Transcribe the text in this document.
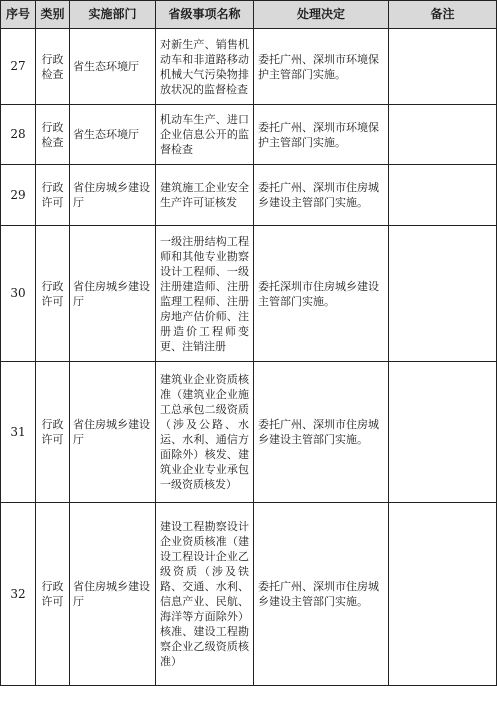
序号	类别	实施部门	省级事项名称	处理决定	备注
27	行政检查	省生态环境厅	对新生产、销售机动车和非道路移动机械大气污染物排放状况的监督检查	委托广州、深圳市环境保护主管部门实施。	
28	行政检查	省生态环境厅	机动车生产、进口企业信息公开的监督检查	委托广州、深圳市环境保护主管部门实施。	
29	行政许可	省住房城乡建设厅	建筑施工企业安全生产许可证核发	委托广州、深圳市住房城乡建设主管部门实施。	
30	行政许可	省住房城乡建设厅	一级注册结构工程师和其他专业勘察设计工程师、一级注册建造师、注册监理工程师、注册房地产估价师、注册造价工程师变更、注销注册	委托深圳市住房城乡建设主管部门实施。	
31	行政许可	省住房城乡建设厅	建筑业企业资质核准（建筑业企业施工总承包二级资质（涉及公路、水运、水利、通信方面除外）核发、建筑业企业专业承包一级资质核发）	委托广州、深圳市住房城乡建设主管部门实施。	
32	行政许可	省住房城乡建设厅	建设工程勘察设计企业资质核准（建设工程设计企业乙级资质（涉及铁路、交通、水利、信息产业、民航、海洋等方面除外）核准、建设工程勘察企业乙级资质核准）	委托广州、深圳市住房城乡建设主管部门实施。	
